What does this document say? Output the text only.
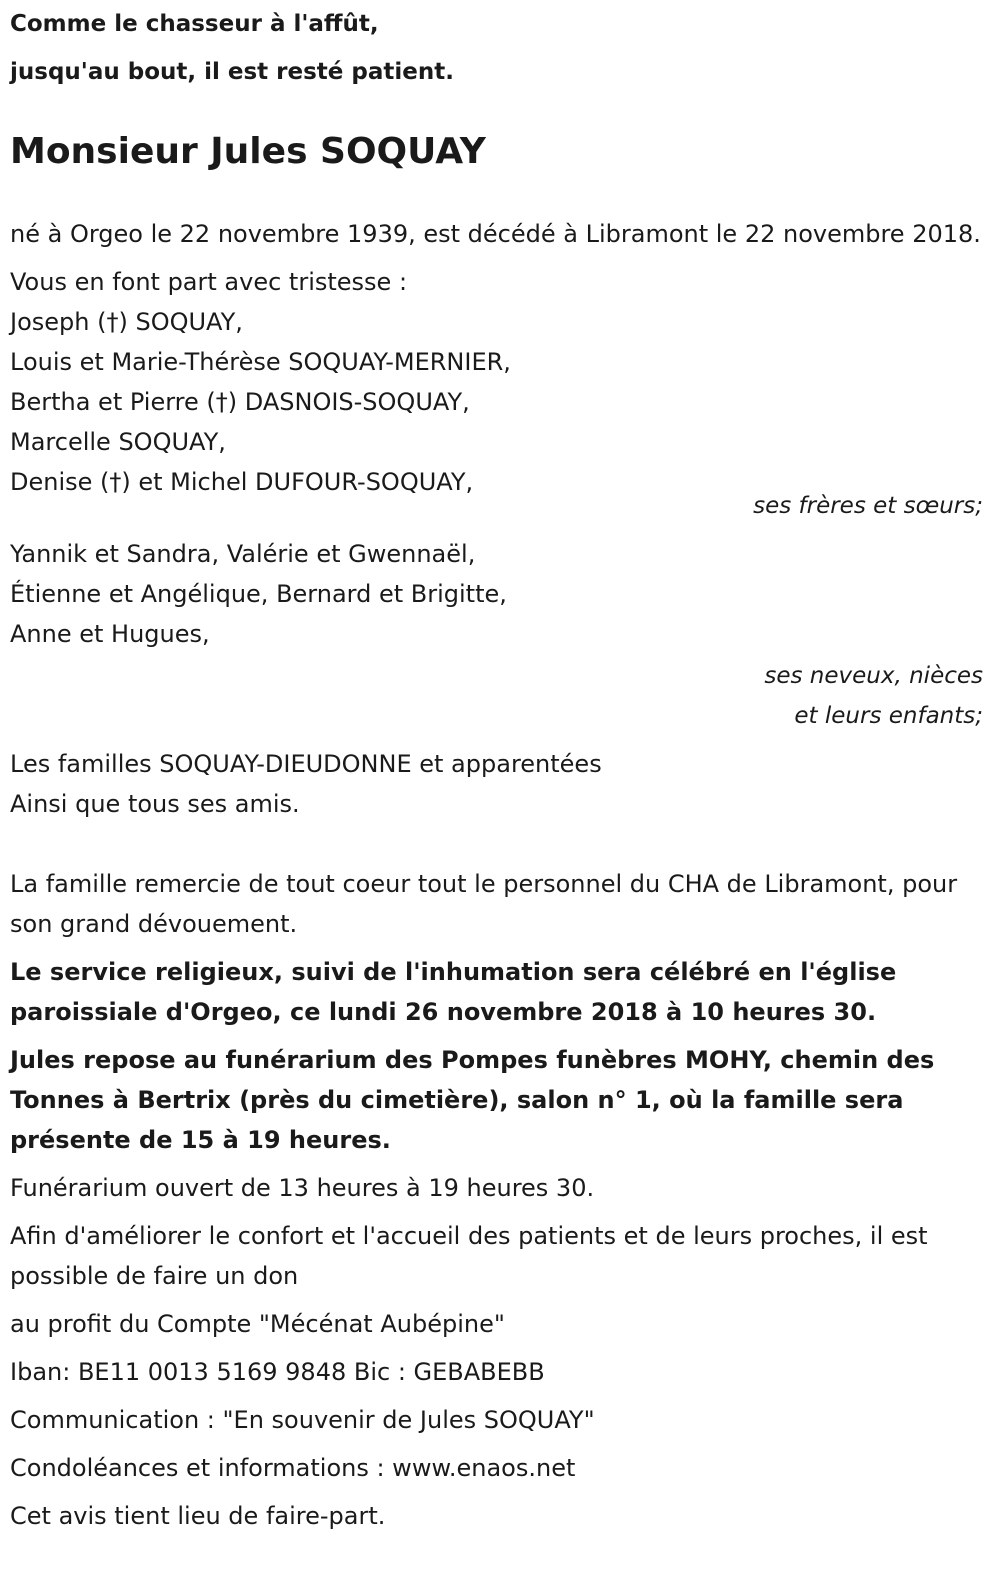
Comme le chasseur à l'affût,
jusqu'au bout, il est resté patient.
Monsieur Jules SOQUAY
né à Orgeo le 22 novembre 1939, est décédé à Libramont le 22 novembre 2018.
Vous en font part avec tristesse :
Joseph (†) SOQUAY,
Louis et Marie-Thérèse SOQUAY-MERNIER,
Bertha et Pierre (†) DASNOIS-SOQUAY,
Marcelle SOQUAY,
Denise (†) et Michel DUFOUR-SOQUAY,
ses frères et sœurs;
Yannik et Sandra, Valérie et Gwennaël,
Étienne et Angélique, Bernard et Brigitte,
Anne et Hugues,
ses neveux, nièces
et leurs enfants;
Les familles SOQUAY-DIEUDONNE et apparentées
Ainsi que tous ses amis.
La famille remercie de tout coeur tout le personnel du CHA de Libramont, pour son grand dévouement.
Le service religieux, suivi de l'inhumation sera célébré en l'église paroissiale d'Orgeo, ce lundi 26 novembre 2018 à 10 heures 30.
Jules repose au funérarium des Pompes funèbres MOHY, chemin des Tonnes à Bertrix (près du cimetière), salon n° 1, où la famille sera présente de 15 à 19 heures.
Funérarium ouvert de 13 heures à 19 heures 30.
Afin d'améliorer le confort et l'accueil des patients et de leurs proches, il est possible de faire un don
au profit du Compte "Mécénat Aubépine"
Iban: BE11 0013 5169 9848 Bic : GEBABEBB
Communication : "En souvenir de Jules SOQUAY"
Condoléances et informations : www.enaos.net
Cet avis tient lieu de faire-part.
